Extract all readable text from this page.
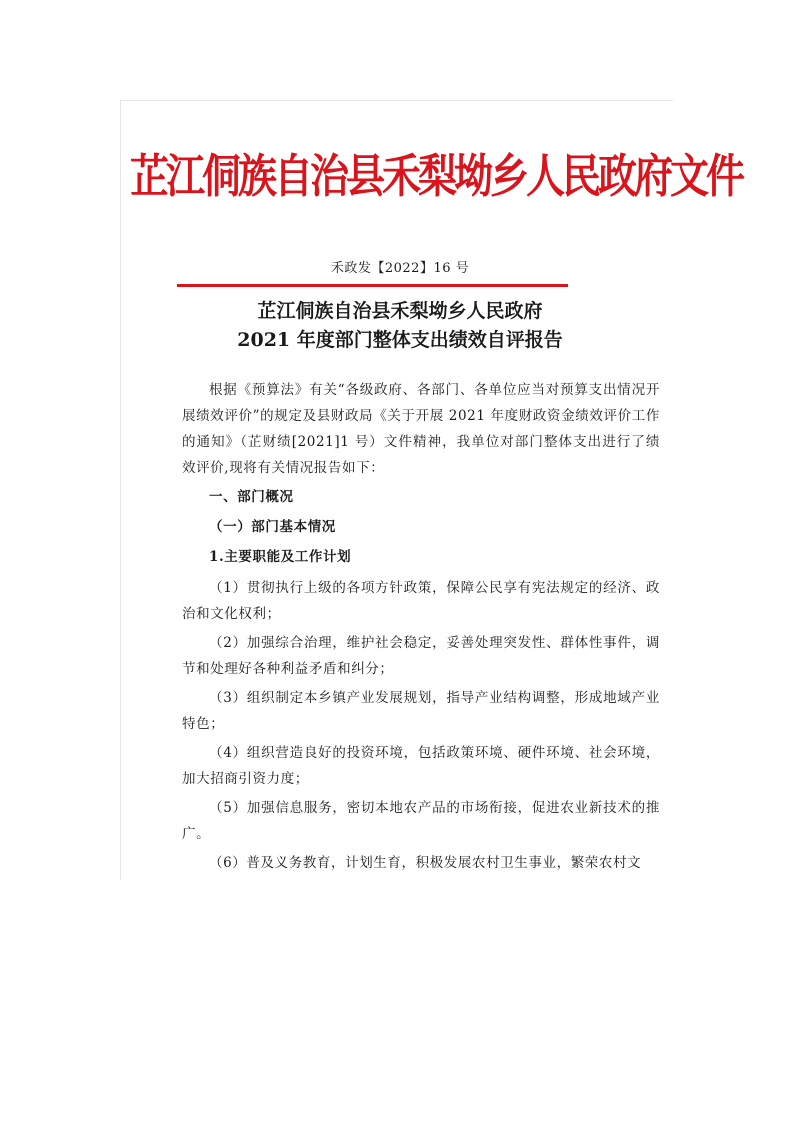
芷江侗族自治县禾梨坳乡人民政府文件
禾政发【2022】16 号
芷江侗族自治县禾梨坳乡人民政府
2021 年度部门整体支出绩效自评报告

根据《预算法》有关“各级政府、各部门、各单位应当对预算支出情况开展绩效评价”的规定及县财政局《关于开展 2021 年度财政资金绩效评价工作的通知》（芷财绩[2021]1 号）文件精神，我单位对部门整体支出进行了绩效评价,现将有关情况报告如下：

一、部门概况

（一）部门基本情况

1.主要职能及工作计划

（1）贯彻执行上级的各项方针政策，保障公民享有宪法规定的经济、政治和文化权利；

（2）加强综合治理，维护社会稳定，妥善处理突发性、群体性事件，调节和处理好各种利益矛盾和纠分；

（3）组织制定本乡镇产业发展规划，指导产业结构调整，形成地域产业特色；

（4）组织营造良好的投资环境，包括政策环境、硬件环境、社会环境，加大招商引资力度；

（5）加强信息服务，密切本地农产品的市场衔接，促进农业新技术的推广。

（6）普及义务教育，计划生育，积极发展农村卫生事业，繁荣农村文
